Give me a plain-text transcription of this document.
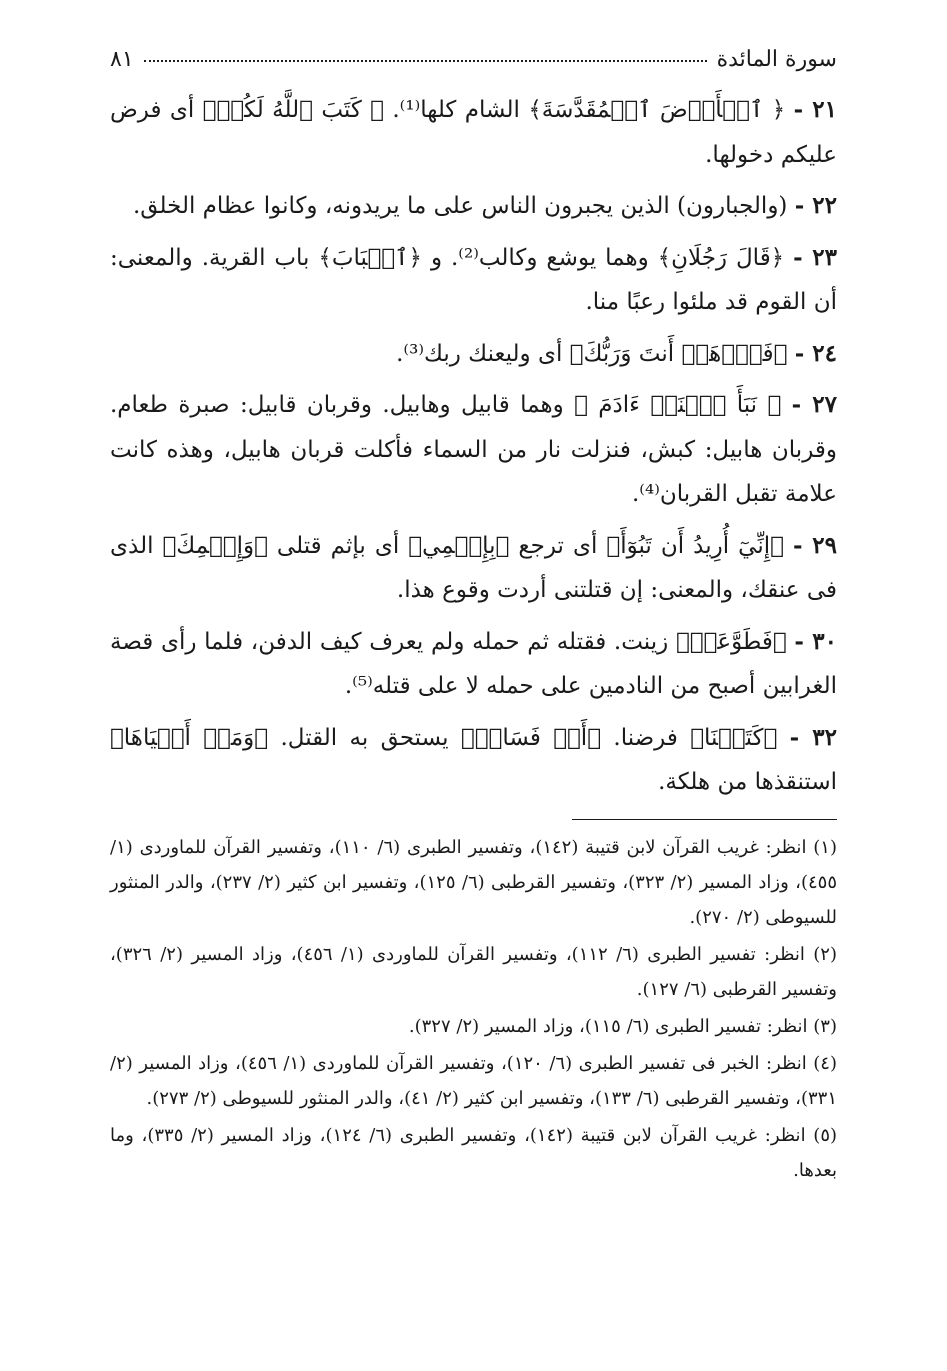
سورة المائدة
٨١

٢١ - ﴿ ٱلۡأَرۡضَ ٱلۡمُقَدَّسَةَ﴾ الشام كلها⁽¹⁾. ﴿ كَتَبَ ٱللَّهُ لَكُمۡ﴾ أى فرض عليكم دخولها.

٢٢ - (والجبارون) الذين يجبرون الناس على ما يريدونه، وكانوا عظام الخلق.

٢٣ - ﴿قَالَ رَجُلَانِ﴾ وهما يوشع وكالب⁽²⁾. و ﴿ٱلۡبَابَ﴾ باب القرية. والمعنى: أن القوم قد ملئوا رعبًا منا.

٢٤ - ﴿فَٱذۡهَبۡ أَنتَ وَرَبُّكَ﴾ أى وليعنك ربك⁽³⁾.

٢٧ - ﴿ نَبَأَ ٱبۡنَيۡ ءَادَمَ ﴾ وهما قابيل وهابيل. وقربان قابيل: صبرة طعام. وقربان هابيل: كبش، فنزلت نار من السماء فأكلت قربان هابيل، وهذه كانت علامة تقبل القربان⁽⁴⁾.

٢٩ - ﴿إِنِّيٓ أُرِيدُ أَن تَبُوٓأَ﴾ أى ترجع ﴿بِإِثۡمِي﴾ أى بإثم قتلى ﴿وَإِثۡمِكَ﴾ الذى فى عنقك، والمعنى: إن قتلتنى أردت وقوع هذا.

٣٠ - ﴿فَطَوَّعَتۡ﴾ زينت. فقتله ثم حمله ولم يعرف كيف الدفن، فلما رأى قصة الغرابين أصبح من النادمين على حمله لا على قتله⁽⁵⁾.

٣٢ - ﴿كَتَبۡنَا﴾ فرضنا. ﴿أَوۡ فَسَادٖ﴾ يستحق به القتل. ﴿وَمَنۡ أَحۡيَاهَا﴾ استنقذها من هلكة.

(١) انظر: غريب القرآن لابن قتيبة (١٤٢)، وتفسير الطبرى (٦/ ١١٠)، وتفسير القرآن للماوردى (١/ ٤٥٥)، وزاد المسير (٢/ ٣٢٣)، وتفسير القرطبى (٦/ ١٢٥)، وتفسير ابن كثير (٢/ ٢٣٧)، والدر المنثور للسيوطى (٢/ ٢٧٠).

(٢) انظر: تفسير الطبرى (٦/ ١١٢)، وتفسير القرآن للماوردى (١/ ٤٥٦)، وزاد المسير (٢/ ٣٢٦)، وتفسير القرطبى (٦/ ١٢٧).

(٣) انظر: تفسير الطبرى (٦/ ١١٥)، وزاد المسير (٢/ ٣٢٧).

(٤) انظر: الخبر فى تفسير الطبرى (٦/ ١٢٠)، وتفسير القرآن للماوردى (١/ ٤٥٦)، وزاد المسير (٢/ ٣٣١)، وتفسير القرطبى (٦/ ١٣٣)، وتفسير ابن كثير (٢/ ٤١)، والدر المنثور للسيوطى (٢/ ٢٧٣).

(٥) انظر: غريب القرآن لابن قتيبة (١٤٢)، وتفسير الطبرى (٦/ ١٢٤)، وزاد المسير (٢/ ٣٣٥)، وما بعدها.
